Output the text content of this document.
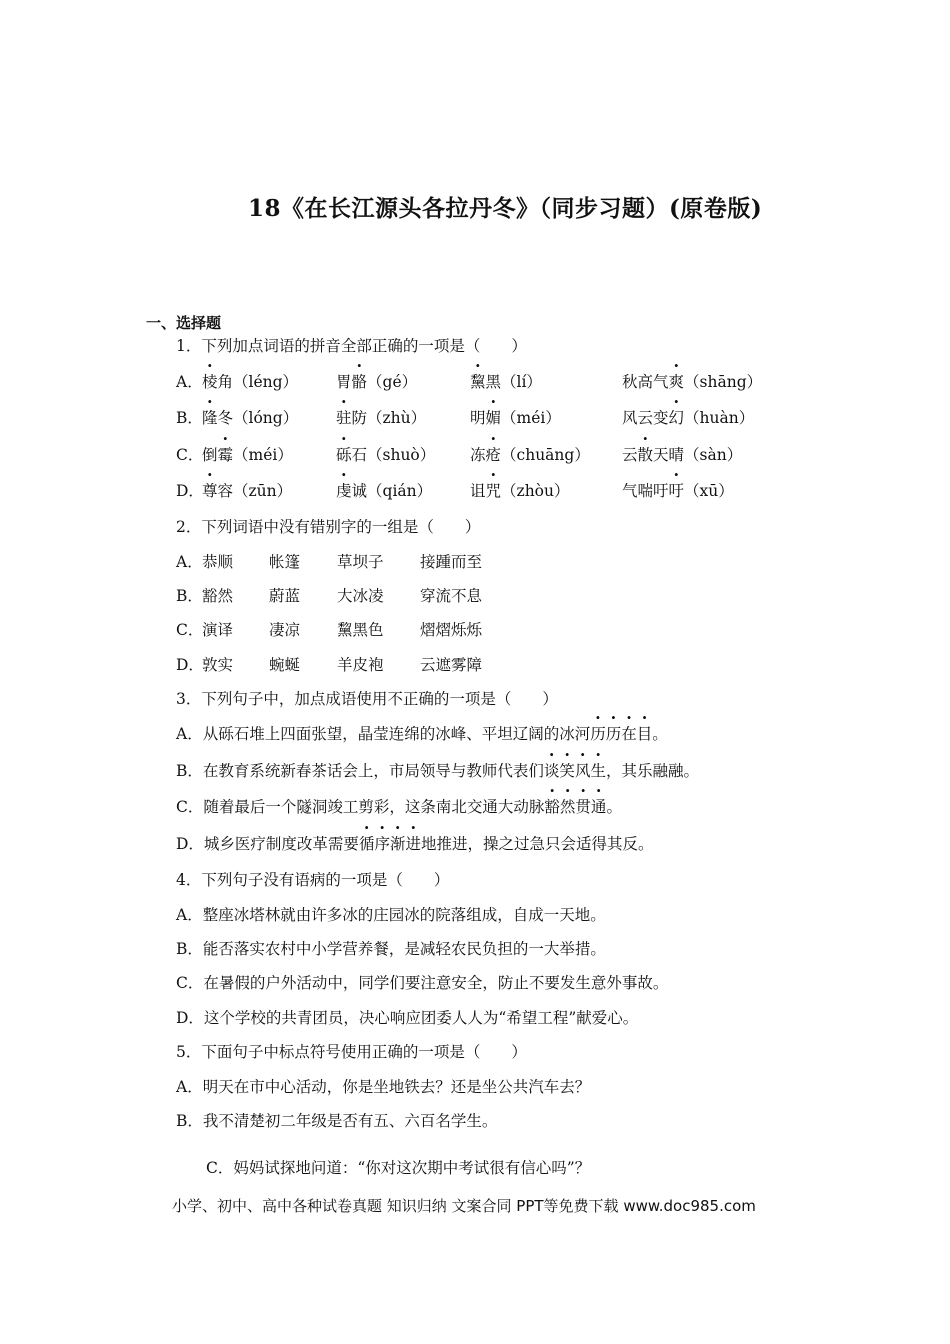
18《在长江源头各拉丹冬》（同步习题）(原卷版)
一、选择题
1．下列加点词语的拼音全部正确的一项是（　　）
A． 棱角（léng） 胃骼（gé）	黧黑（lí）	秋高气爽（shāng）
B． 隆冬（lóng） 驻防（zhù）	明媚（méi）	风云变幻（huàn）
C．
倒霉（méi）	砾石（shuò） 冻疮（chuāng） 云散天晴（sàn）
D．
尊容（zūn）	虔诚（qián） 诅咒（zhòu）	气喘吁吁（xū）
2．下列词语中没有错别字的一组是（　　）
A． 恭顺 帐篷 草坝子 接踵而至
B． 豁然 蔚蓝 大冰凌 穿流不息
C．
演译 凄凉 黧黑色 熠熠烁烁
D．
敦实 蜿蜒 羊皮袍 云遮雾障
3．下列句子中，加点成语使用不正确的一项是（　　）
A．从砾石堆上四面张望，晶莹连绵的冰峰、平坦辽阔的冰河历历在目。
B．在教育系统新春茶话会上，市局领导与教师代表们谈笑风生，其乐融融。
C．随着最后一个隧洞竣工剪彩，这条南北交通大动脉豁然贯通。
D．城乡医疗制度改革需要循序渐进地推进，操之过急只会适得其反。
4．下列句子没有语病的一项是（　　）
A．整座冰塔林就由许多冰的庄园冰的院落组成，自成一天地。
B．能否落实农村中小学营养餐，是减轻农民负担的一大举措。
C．在暑假的户外活动中，同学们要注意安全，防止不要发生意外事故。
D．这个学校的共青团员，决心响应团委人人为“希望工程”献爱心。
5．下面句子中标点符号使用正确的一项是（　　）
A．明天在市中心活动，你是坐地铁去？还是坐公共汽车去？
B．我不清楚初二年级是否有五、六百名学生。
C．妈妈试探地问道：“你对这次期中考试很有信心吗”？
小学、初中、高中各种试卷真题 知识归纳 文案合同 PPT等免费下载 www.doc985.com
